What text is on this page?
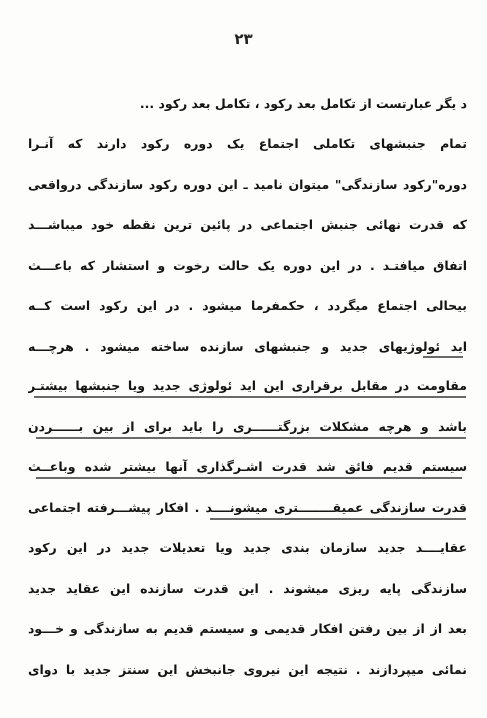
۲۳
د یگر عبارتست از تکامل بعد رکود ، تکامل بعد رکود ...
تمام جنبشهای تکاملی اجتماع یک دوره رکود دارند که آنـرا
دوره"رکود سازندگی" میتوان نامید ـ این دوره رکود سازندگی درواقعی
که قدرت نهائی جنبش اجتماعی در پائین ترین نقطه خود میباشـــد
اتفاق میافتـد . در این دوره یک حالت رخوت و استشار که باعـــث
بیحالی اجتماع میگردد ، حکمفرما میشود . در این رکود است کــه
اید ئولوژیهای جدید و جنبشهای سازنده ساخته میشود . هرچـــه
مقاومت در مقابل برقراری این اید ئولوژی جدید ویا جنبشها بیشتـر
باشد و هرچه مشکلات بزرگتــــــری را باید برای از بین بــــــردن
سیستم قدیم فائق شد قدرت اشـرگذاری آنها بیشتر شده وباعــث
قدرت سازندگی عمیقــــــــتری میشونــــد . افکار پیشـــرفته اجتماعی
عقایــــد جدید سازمان بندی جدید ویا تعدیلات جدید در این رکود
سازندگی پایه ریزی میشوند . این قدرت سازنده این عقاید جدید
بعد از از بین رفتن افکار قدیمی و سیستم قدیم به سازندگی و خـــود
نمائی میپردازند . نتیجه این نیروی جانبخش این سنتز جدید با دوای
